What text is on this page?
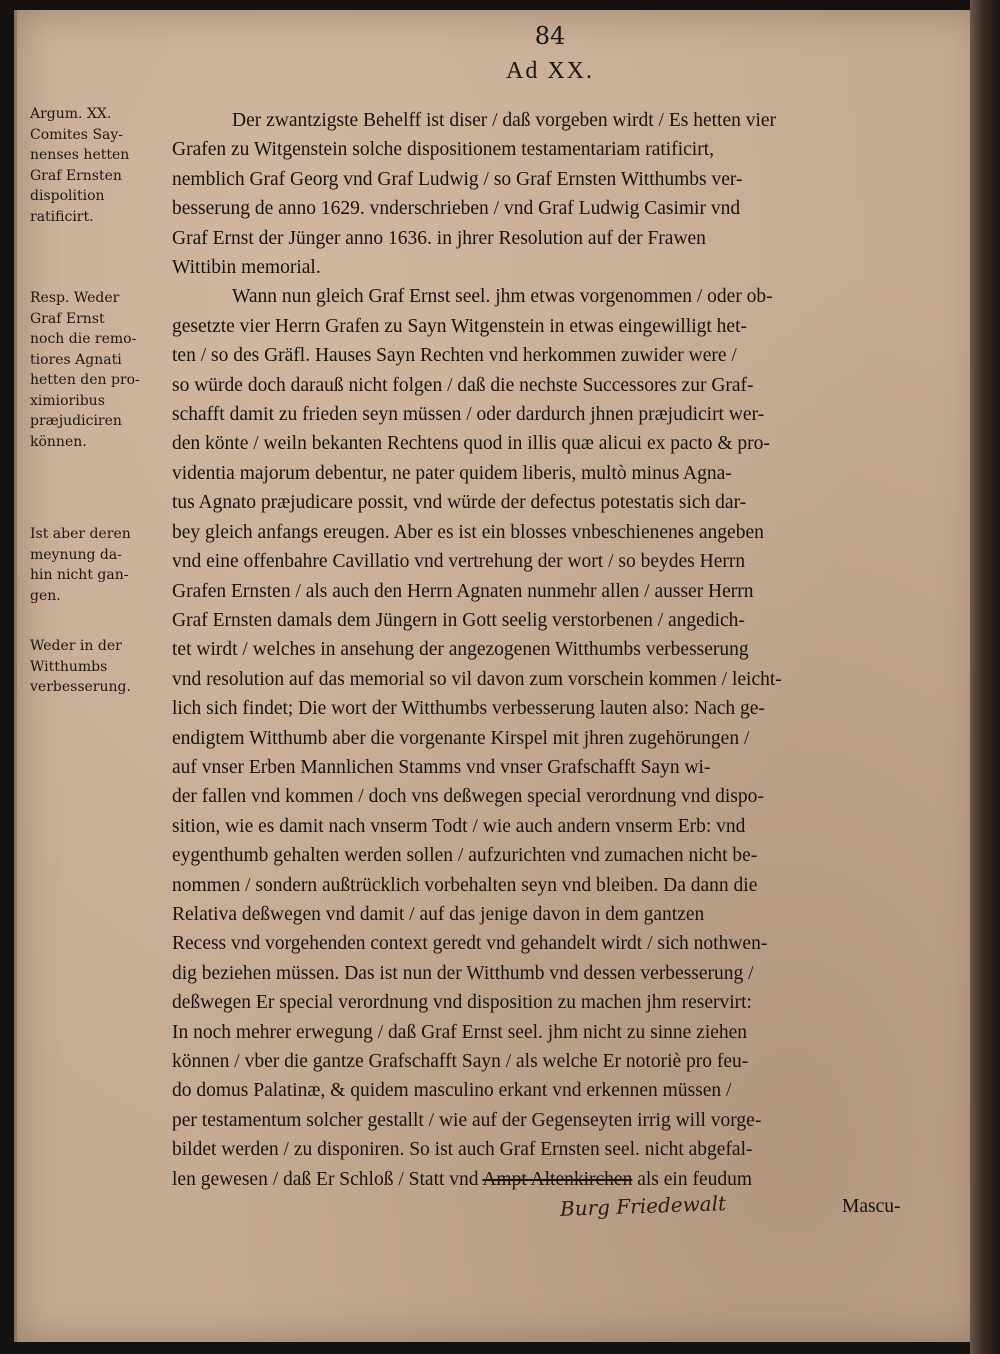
84
Ad XX.
Argum. XX.
Comites Say-
nenses hetten
Graf Ernsten
dispolition
ratificirt.
Resp. Weder
Graf Ernst
noch die remo-
tiores Agnati
hetten den pro-
ximioribus
præjudiciren
können.
Ist aber deren
meynung da-
hin nicht gan-
gen.
Weder in der
Witthumbs
verbesserung.
Der zwantzigste Behelff ist diser / daß vorgeben wirdt / Es hetten vier
Grafen zu Witgenstein solche dispositionem testamentariam ratificirt,
nemblich Graf Georg vnd Graf Ludwig / so Graf Ernsten Witthumbs ver-
besserung de anno 1629. vnderschrieben / vnd Graf Ludwig Casimir vnd
Graf Ernst der Jünger anno 1636. in jhrer Resolution auf der Frawen
Wittibin memorial.
Wann nun gleich Graf Ernst seel. jhm etwas vorgenommen / oder ob-
gesetzte vier Herrn Grafen zu Sayn Witgenstein in etwas eingewilligt het-
ten / so des Gräfl. Hauses Sayn Rechten vnd herkommen zuwider were /
so würde doch darauß nicht folgen / daß die nechste Successores zur Graf-
schafft damit zu frieden seyn müssen / oder dardurch jhnen præjudicirt wer-
den könte / weiln bekanten Rechtens quod in illis quæ alicui ex pacto & pro-
videntia majorum debentur, ne pater quidem liberis, multò minus Agna-
tus Agnato præjudicare possit, vnd würde der defectus potestatis sich dar-
bey gleich anfangs ereugen. Aber es ist ein blosses vnbeschienenes angeben
vnd eine offenbahre Cavillatio vnd vertrehung der wort / so beydes Herrn
Grafen Ernsten / als auch den Herrn Agnaten nunmehr allen / ausser Herrn
Graf Ernsten damals dem Jüngern in Gott seelig verstorbenen / angedich-
tet wirdt / welches in ansehung der angezogenen Witthumbs verbesserung
vnd resolution auf das memorial so vil davon zum vorschein kommen / leicht-
lich sich findet; Die wort der Witthumbs verbesserung lauten also: Nach ge-
endigtem Witthumb aber die vorgenante Kirspel mit jhren zugehörungen /
auf vnser Erben Mannlichen Stamms vnd vnser Grafschafft Sayn wi-
der fallen vnd kommen / doch vns deßwegen special verordnung vnd dispo-
sition, wie es damit nach vnserm Todt / wie auch andern vnserm Erb: vnd
eygenthumb gehalten werden sollen / aufzurichten vnd zumachen nicht be-
nommen / sondern außtrücklich vorbehalten seyn vnd bleiben. Da dann die
Relativa deßwegen vnd damit / auf das jenige davon in dem gantzen
Recess vnd vorgehenden context geredt vnd gehandelt wirdt / sich nothwen-
dig beziehen müssen. Das ist nun der Witthumb vnd dessen verbesserung /
deßwegen Er special verordnung vnd disposition zu machen jhm reservirt:
In noch mehrer erwegung / daß Graf Ernst seel. jhm nicht zu sinne ziehen
können / vber die gantze Grafschafft Sayn / als welche Er notoriè pro feu-
do domus Palatinæ, & quidem masculino erkant vnd erkennen müssen /
per testamentum solcher gestallt / wie auf der Gegenseyten irrig will vorge-
bildet werden / zu disponiren. So ist auch Graf Ernsten seel. nicht abgefal-
len gewesen / daß Er Schloß / Statt vnd Ampt Altenkirchen als ein feudum
Burg Friedewalt	Mascu-
